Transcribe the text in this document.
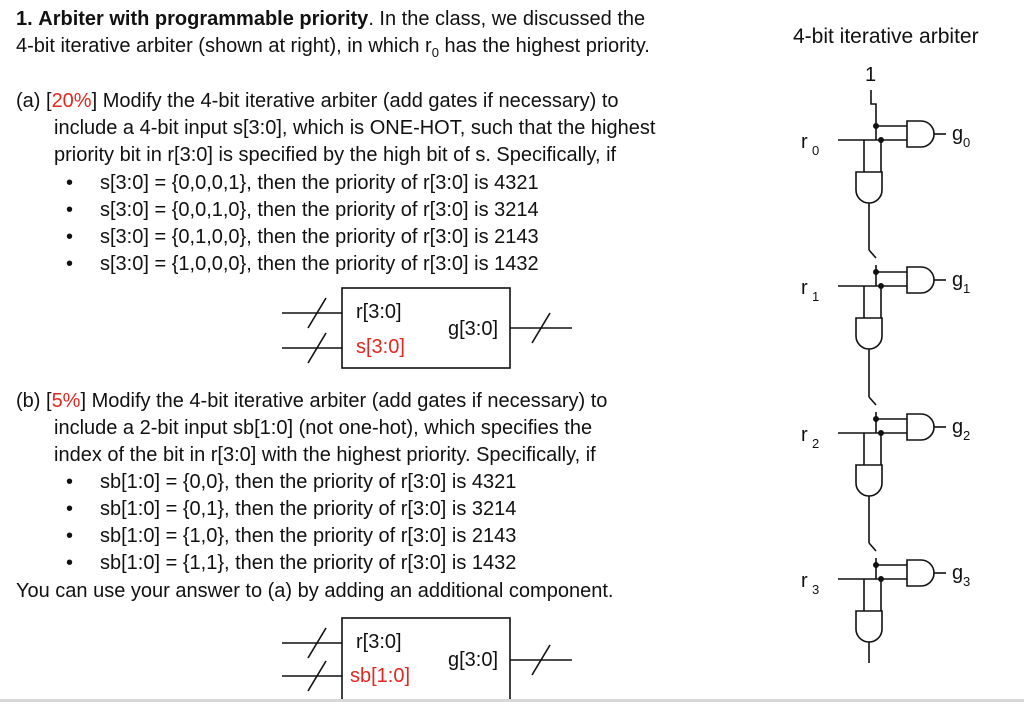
1. Arbiter with programmable priority. In the class, we discussed the
4-bit iterative arbiter (shown at right), in which $r_0$ has the highest priority.
(a) [20%] Modify the 4-bit iterative arbiter (add gates if necessary) to
include a 4-bit input s[3:0], which is ONE-HOT, such that the highest
priority bit in r[3:0] is specified by the high bit of s. Specifically, if
• s[3:0] = {0,0,0,1}, then the priority of r[3:0] is 4321
• s[3:0] = {0,0,1,0}, then the priority of r[3:0] is 3214
• s[3:0] = {0,1,0,0}, then the priority of r[3:0] is 2143
• s[3:0] = {1,0,0,0}, then the priority of r[3:0] is 1432
r[3:0]
s[3:0]
g[3:0]
(b) [5%] Modify the 4-bit iterative arbiter (add gates if necessary) to
include a 2-bit input sb[1:0] (not one-hot), which specifies the
index of the bit in r[3:0] with the highest priority. Specifically, if
• sb[1:0] = {0,0}, then the priority of r[3:0] is 4321
• sb[1:0] = {0,1}, then the priority of r[3:0] is 3214
• sb[1:0] = {1,0}, then the priority of r[3:0] is 2143
• sb[1:0] = {1,1}, then the priority of r[3:0] is 1432
You can use your answer to (a) by adding an additional component.
r[3:0]
sb[1:0]
g[3:0]
4-bit iterative arbiter
1
r 0
g 0
r 1
g 1
r 2
g 2
r 3
g 3
